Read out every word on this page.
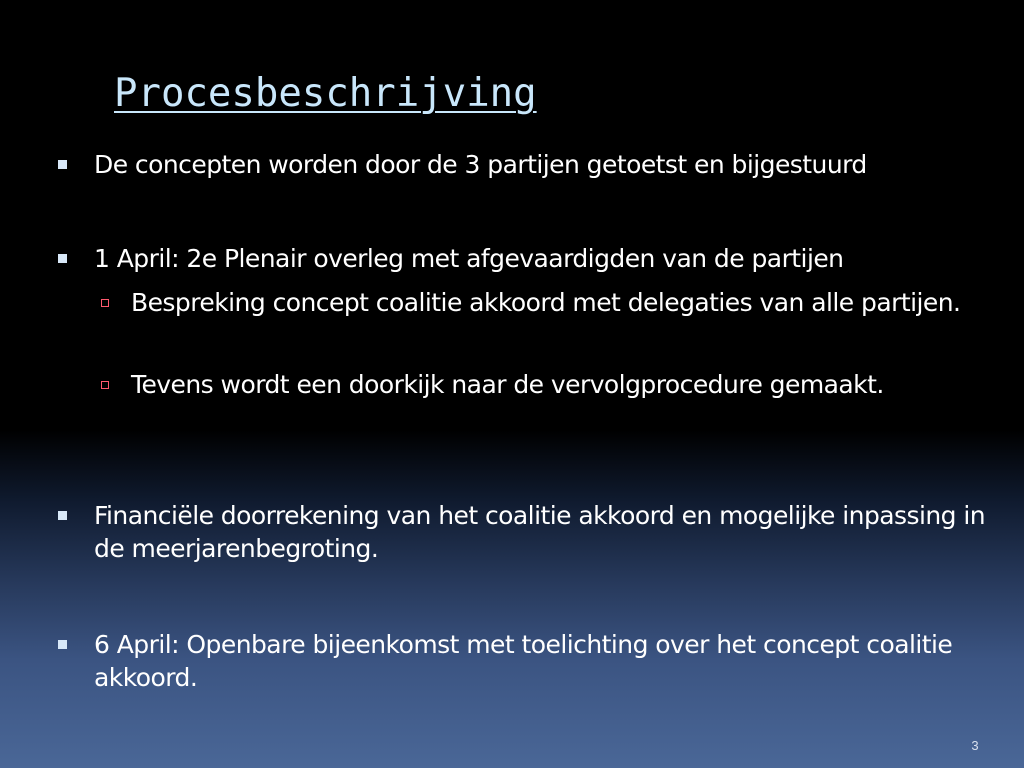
Procesbeschrijving
De concepten worden door de 3 partijen getoetst en bijgestuurd
1 April: 2e Plenair overleg met afgevaardigden van de partijen
Bespreking concept coalitie akkoord met delegaties van alle partijen.
Tevens wordt een doorkijk naar de vervolgprocedure gemaakt.
Financiële doorrekening van het coalitie akkoord en mogelijke inpassing in de meerjarenbegroting.
6 April: Openbare bijeenkomst met toelichting over het concept coalitie akkoord.
3
